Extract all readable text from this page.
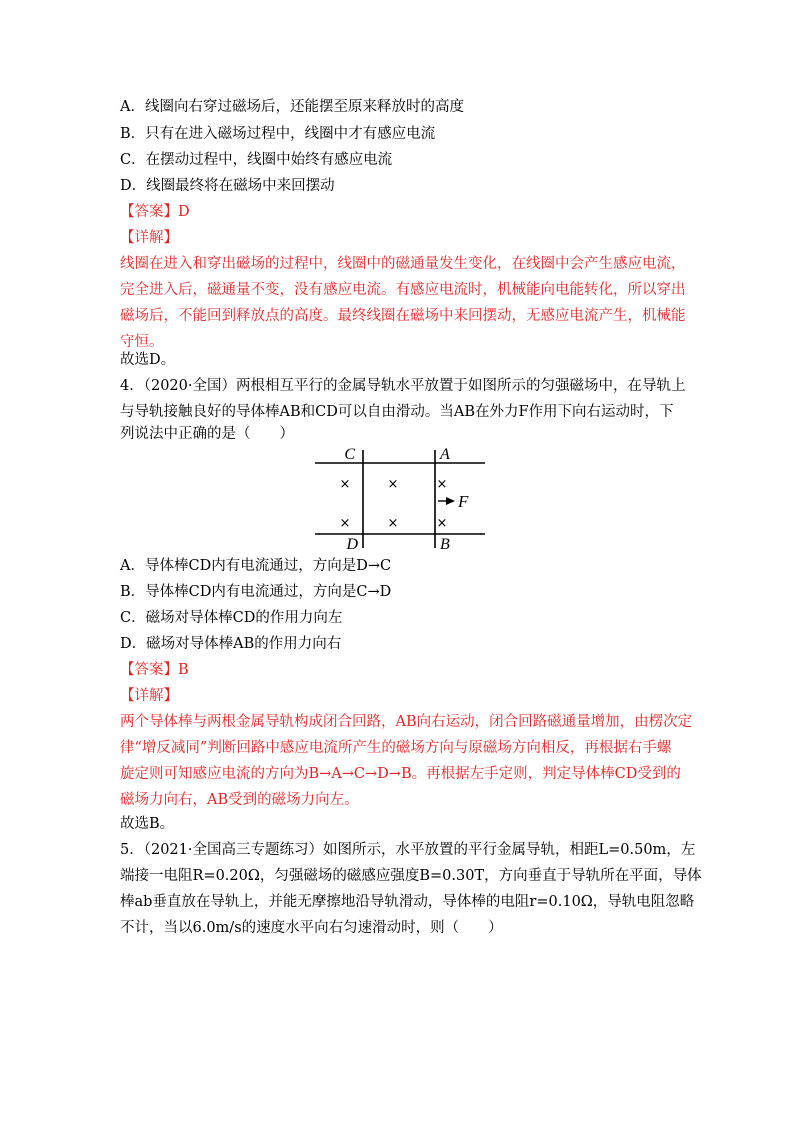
A．线圈向右穿过磁场后，还能摆至原来释放时的高度
B．只有在进入磁场过程中，线圈中才有感应电流
C．在摆动过程中，线圈中始终有感应电流
D．线圈最终将在磁场中来回摆动
【答案】D
【详解】
线圈在进入和穿出磁场的过程中，线圈中的磁通量发生变化，在线圈中会产生感应电流，
完全进入后，磁通量不变，没有感应电流。有感应电流时，机械能向电能转化，所以穿出
磁场后，不能回到释放点的高度。最终线圈在磁场中来回摆动，无感应电流产生，机械能
守恒。
故选D。
4．（2020·全国）两根相互平行的金属导轨水平放置于如图所示的匀强磁场中，在导轨上
与导轨接触良好的导体棒AB和CD可以自由滑动。当AB在外力F作用下向右运动时，下
列说法中正确的是（　　）
C	A
D	B
×	×	×
×	×	×
F
A．导体棒CD内有电流通过，方向是D→C
B．导体棒CD内有电流通过，方向是C→D
C．磁场对导体棒CD的作用力向左
D．磁场对导体棒AB的作用力向右
【答案】B
【详解】
两个导体棒与两根金属导轨构成闭合回路，AB向右运动，闭合回路磁通量增加，由楞次定
律“增反减同”判断回路中感应电流所产生的磁场方向与原磁场方向相反，再根据右手螺
旋定则可知感应电流的方向为B→A→C→D→B。再根据左手定则，判定导体棒CD受到的
磁场力向右，AB受到的磁场力向左。
故选B。
5．（2021·全国高三专题练习）如图所示，水平放置的平行金属导轨，相距L=0.50m，左
端接一电阻R=0.20Ω，匀强磁场的磁感应强度B=0.30T，方向垂直于导轨所在平面，导体
棒ab垂直放在导轨上，并能无摩擦地沿导轨滑动，导体棒的电阻r=0.10Ω，导轨电阻忽略
不计，当以6.0m/s的速度水平向右匀速滑动时，则（　　）
